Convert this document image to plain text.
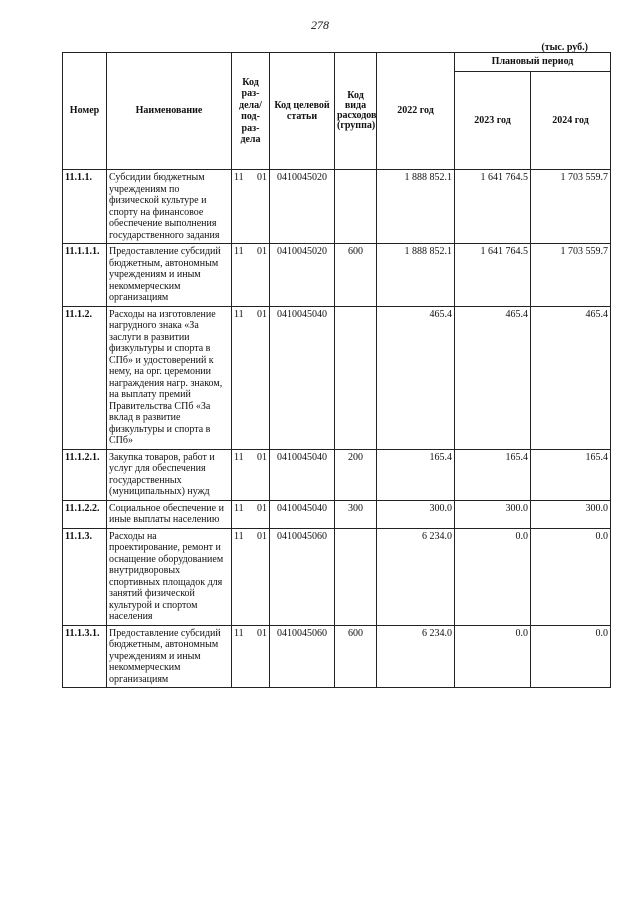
278
(тыс. руб.)
Номер	Наименование	Код раз- дела/ под- раз- дела	Код целевой статьи	Код вида расходов (группа)	2022 год	Плановый период	
						2023 год	2024 год
11.1.1.	Субсидии бюджетным учреждениям по физической культуре и спорту на финансовое обеспечение выполнения государственного задания	11 01	0410045020		1 888 852.1	1 641 764.5	1 703 559.7
11.1.1.1.	Предоставление субсидий бюджетным, автономным учреждениям и иным некоммерческим организациям	11 01	0410045020	600	1 888 852.1	1 641 764.5	1 703 559.7
11.1.2.	Расходы на изготовление нагрудного знака «За заслуги в развитии физкультуры и спорта в СПб» и удостоверений к нему, на орг. церемонии награждения нагр. знаком, на выплату премий Правительства СПб «За вклад в развитие физкультуры и спорта в СПб»	11 01	0410045040		465.4	465.4	465.4
11.1.2.1.	Закупка товаров, работ и услуг для обеспечения государственных (муниципальных) нужд	11 01	0410045040	200	165.4	165.4	165.4
11.1.2.2.	Социальное обеспечение и иные выплаты населению	11 01	0410045040	300	300.0	300.0	300.0
11.1.3.	Расходы на проектирование, ремонт и оснащение оборудованием внутридворовых спортивных площадок для занятий физической культурой и спортом населения	11 01	0410045060		6 234.0	0.0	0.0
11.1.3.1.	Предоставление субсидий бюджетным, автономным учреждениям и иным некоммерческим организациям	11 01	0410045060	600	6 234.0	0.0	0.0
